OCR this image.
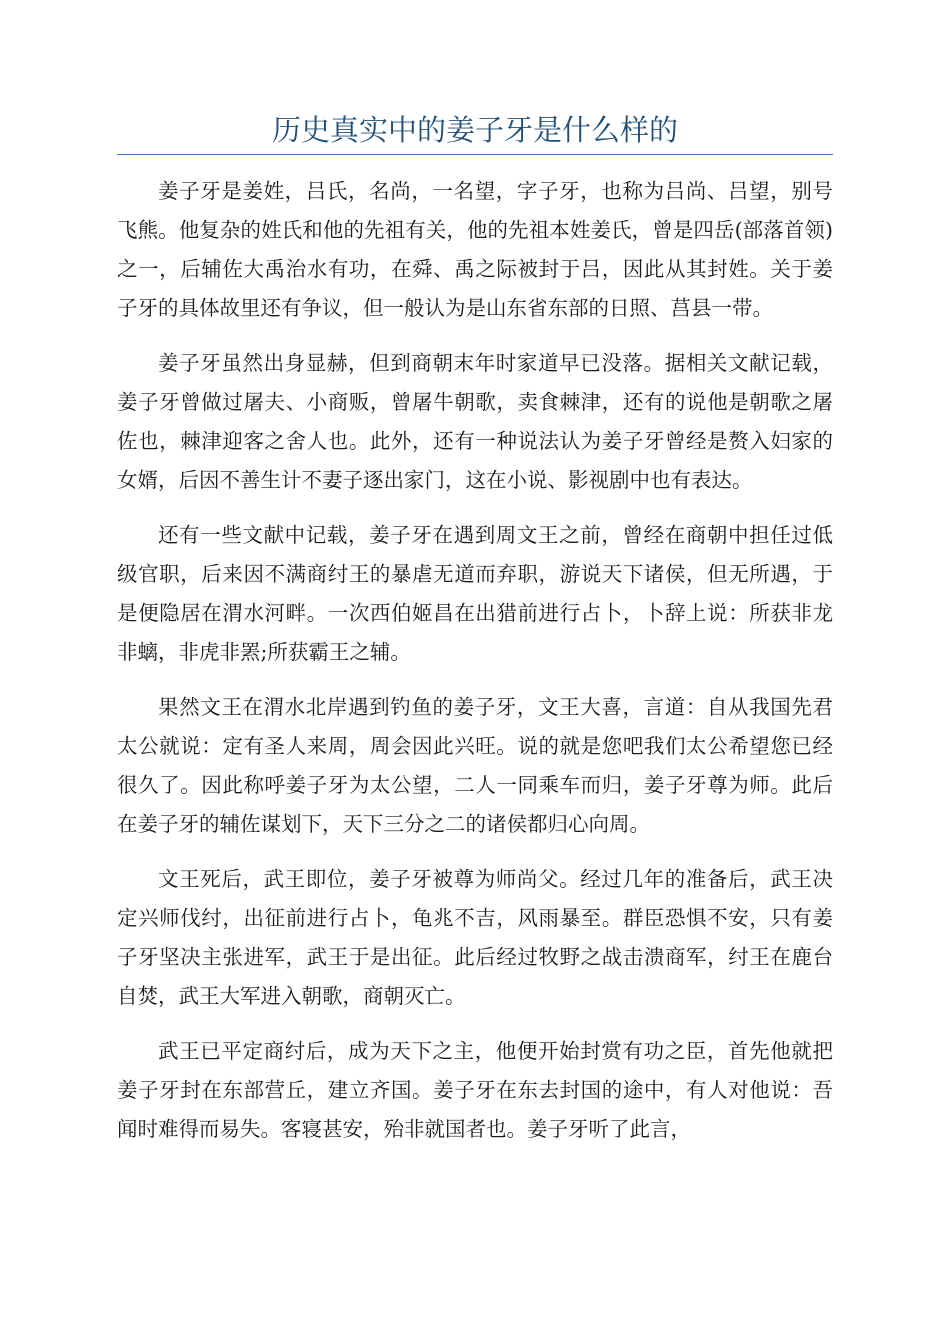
历史真实中的姜子牙是什么样的

姜子牙是姜姓，吕氏，名尚，一名望，字子牙，也称为吕尚、吕望，别号飞熊。他复杂的姓氏和他的先祖有关，他的先祖本姓姜氏，曾是四岳(部落首领)之一，后辅佐大禹治水有功，在舜、禹之际被封于吕，因此从其封姓。关于姜子牙的具体故里还有争议，但一般认为是山东省东部的日照、莒县一带。

姜子牙虽然出身显赫，但到商朝末年时家道早已没落。据相关文献记载，姜子牙曾做过屠夫、小商贩，曾屠牛朝歌，卖食棘津，还有的说他是朝歌之屠佐也，棘津迎客之舍人也。此外，还有一种说法认为姜子牙曾经是赘入妇家的女婿，后因不善生计不妻子逐出家门，这在小说、影视剧中也有表达。

还有一些文献中记载，姜子牙在遇到周文王之前，曾经在商朝中担任过低级官职，后来因不满商纣王的暴虐无道而弃职，游说天下诸侯，但无所遇，于是便隐居在渭水河畔。一次西伯姬昌在出猎前进行占卜，卜辞上说：所获非龙非螭，非虎非罴;所获霸王之辅。

果然文王在渭水北岸遇到钓鱼的姜子牙，文王大喜，言道：自从我国先君太公就说：定有圣人来周，周会因此兴旺。说的就是您吧我们太公希望您已经很久了。因此称呼姜子牙为太公望，二人一同乘车而归，姜子牙尊为师。此后在姜子牙的辅佐谋划下，天下三分之二的诸侯都归心向周。

文王死后，武王即位，姜子牙被尊为师尚父。经过几年的准备后，武王决定兴师伐纣，出征前进行占卜，龟兆不吉，风雨暴至。群臣恐惧不安，只有姜子牙坚决主张进军，武王于是出征。此后经过牧野之战击溃商军，纣王在鹿台自焚，武王大军进入朝歌，商朝灭亡。

武王已平定商纣后，成为天下之主，他便开始封赏有功之臣，首先他就把姜子牙封在东部营丘，建立齐国。姜子牙在东去封国的途中，有人对他说：吾闻时难得而易失。客寝甚安，殆非就国者也。姜子牙听了此言，
